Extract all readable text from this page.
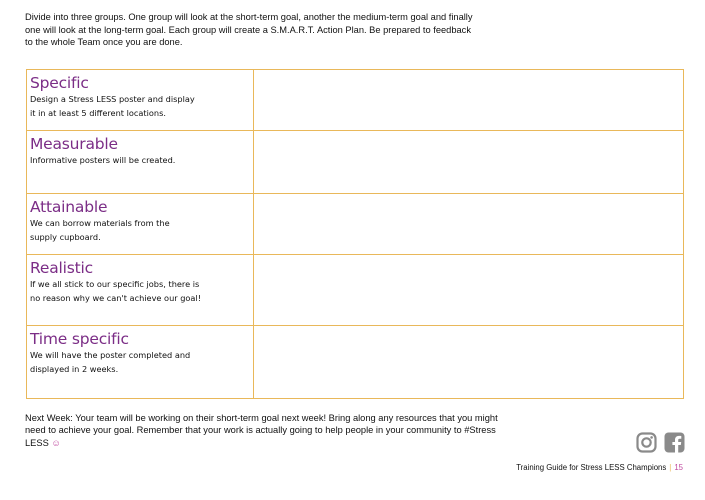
Divide into three groups. One group will look at the short-term goal, another the medium-term goal and finally one will look at the long-term goal. Each group will create a S.M.A.R.T. Action Plan. Be prepared to feedback to the whole Team once you are done.

Specific
Design a Stress LESS poster and display
it in at least 5 different locations.	

Measurable
Informative posters will be created.	

Attainable
We can borrow materials from the
supply cupboard.	

Realistic
If we all stick to our specific jobs, there is
no reason why we can't achieve our goal!	

Time specific
We will have the poster completed and
displayed in 2 weeks.	

Next Week: Your team will be working on their short-term goal next week! Bring along any resources that you might need to achieve your goal. Remember that your work is actually going to help people in your community to #Stress LESS ☺

Training Guide for Stress LESS Champions | 15
